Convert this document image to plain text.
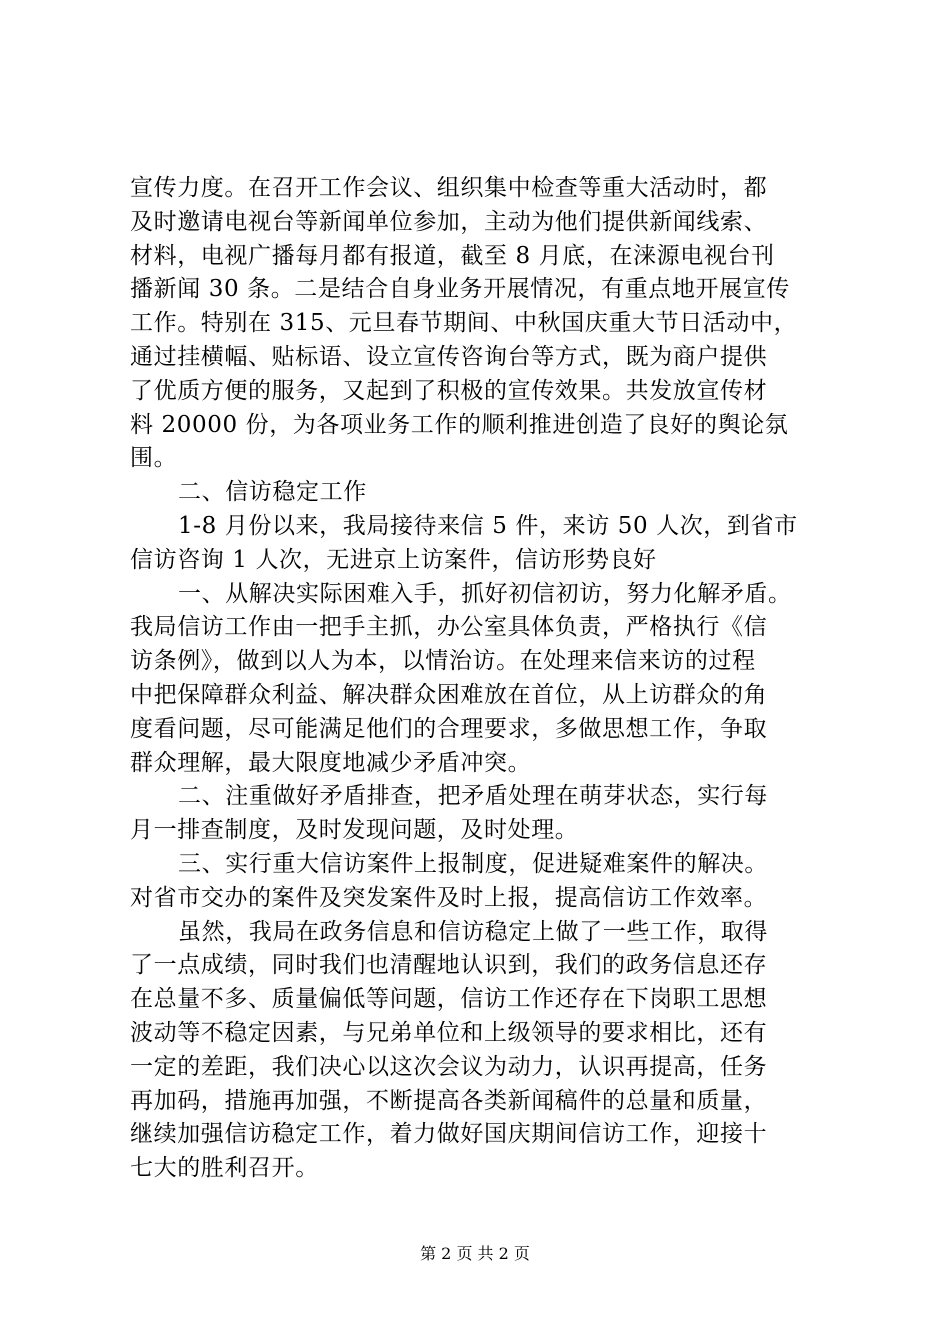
宣传力度。在召开工作会议、组织集中检查等重大活动时，都
及时邀请电视台等新闻单位参加，主动为他们提供新闻线索、
材料，电视广播每月都有报道，截至 8 月底，在涞源电视台刊
播新闻 30 条。二是结合自身业务开展情况，有重点地开展宣传
工作。特别在 315、元旦春节期间、中秋国庆重大节日活动中，
通过挂横幅、贴标语、设立宣传咨询台等方式，既为商户提供
了优质方便的服务，又起到了积极的宣传效果。共发放宣传材
料 20000 份，为各项业务工作的顺利推进创造了良好的舆论氛
围。
二、信访稳定工作
1-8 月份以来，我局接待来信 5 件，来访 50 人次，到省市
信访咨询 1 人次，无进京上访案件，信访形势良好
一、从解决实际困难入手，抓好初信初访，努力化解矛盾。
我局信访工作由一把手主抓，办公室具体负责，严格执行《信
访条例》，做到以人为本，以情治访。在处理来信来访的过程
中把保障群众利益、解决群众困难放在首位，从上访群众的角
度看问题，尽可能满足他们的合理要求，多做思想工作，争取
群众理解，最大限度地减少矛盾冲突。
二、注重做好矛盾排查，把矛盾处理在萌芽状态，实行每
月一排查制度，及时发现问题，及时处理。
三、实行重大信访案件上报制度，促进疑难案件的解决。
对省市交办的案件及突发案件及时上报，提高信访工作效率。
虽然，我局在政务信息和信访稳定上做了一些工作，取得
了一点成绩，同时我们也清醒地认识到，我们的政务信息还存
在总量不多、质量偏低等问题，信访工作还存在下岗职工思想
波动等不稳定因素，与兄弟单位和上级领导的要求相比，还有
一定的差距，我们决心以这次会议为动力，认识再提高，任务
再加码，措施再加强，不断提高各类新闻稿件的总量和质量，
继续加强信访稳定工作，着力做好国庆期间信访工作，迎接十
七大的胜利召开。
第 2 页 共 2 页
